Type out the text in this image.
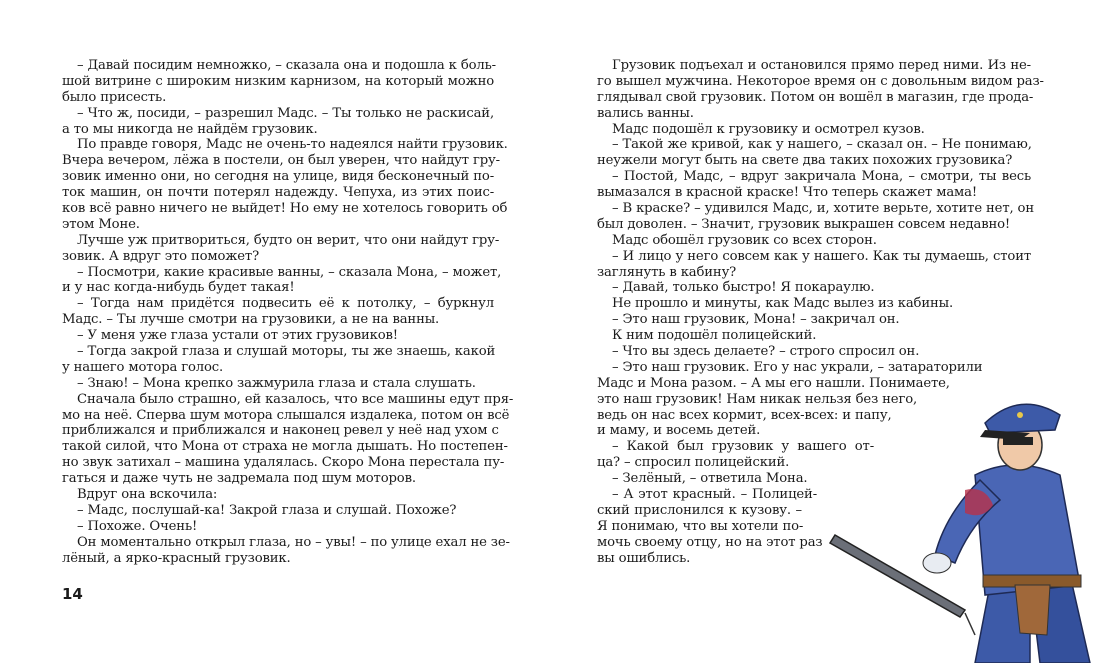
– Давай посидим немножко, – сказала она и подошла к боль-
шой витрине с широким низким карнизом, на который можно
было присесть.
– Что ж, посиди, – разрешил Мадс. – Ты только не раскисай,
а то мы никогда не найдём грузовик.
По правде говоря, Мадс не очень-то надеялся найти грузовик.
Вчера вечером, лёжа в постели, он был уверен, что найдут гру-
зовик именно они, но сегодня на улице, видя бесконечный по-
ток машин, он почти потерял надежду. Чепуха, из этих поис-
ков всё равно ничего не выйдет! Но ему не хотелось говорить об
этом Моне.
Лучше уж притвориться, будто он верит, что они найдут гру-
зовик. А вдруг это поможет?
– Посмотри, какие красивые ванны, – сказала Мона, – может,
и у нас когда-нибудь будет такая!
– Тогда нам придётся подвесить её к потолку, – буркнул
Мадс. – Ты лучше смотри на грузовики, а не на ванны.
– У меня уже глаза устали от этих грузовиков!
– Тогда закрой глаза и слушай моторы, ты же знаешь, какой
у нашего мотора голос.
– Знаю! – Мона крепко зажмурила глаза и стала слушать.
Сначала было страшно, ей казалось, что все машины едут пря-
мо на неё. Сперва шум мотора слышался издалека, потом он всё
приближался и приближался и наконец ревел у неё над ухом с
такой силой, что Мона от страха не могла дышать. Но постепен-
но звук затихал – машина удалялась. Скоро Мона перестала пу-
гаться и даже чуть не задремала под шум моторов.
Вдруг она вскочила:
– Мадс, послушай-ка! Закрой глаза и слушай. Похоже?
– Похоже. Очень!
Он моментально открыл глаза, но – увы! – по улице ехал не зе-
лёный, а ярко-красный грузовик.
Грузовик подъехал и остановился прямо перед ними. Из не-
го вышел мужчина. Некоторое время он с довольным видом раз-
глядывал свой грузовик. Потом он вошёл в магазин, где прода-
вались ванны.
Мадс подошёл к грузовику и осмотрел кузов.
– Такой же кривой, как у нашего, – сказал он. – Не понимаю,
неужели могут быть на свете два таких похожих грузовика?
– Постой, Мадс, – вдруг закричала Мона, – смотри, ты весь
вымазался в красной краске! Что теперь скажет мама!
– В краске? – удивился Мадс, и, хотите верьте, хотите нет, он
был доволен. – Значит, грузовик выкрашен совсем недавно!
Мадс обошёл грузовик со всех сторон.
– И лицо у него совсем как у нашего. Как ты думаешь, стоит
заглянуть в кабину?
– Давай, только быстро! Я покараулю.
Не прошло и минуты, как Мадс вылез из кабины.
– Это наш грузовик, Мона! – закричал он.
К ним подошёл полицейский.
– Что вы здесь делаете? – строго спросил он.
– Это наш грузовик. Его у нас украли, – затараторили
Мадс и Мона разом. – А мы его нашли. Понимаете,
это наш грузовик! Нам никак нельзя без него,
ведь он нас всех кормит, всех-всех: и папу,
и маму, и восемь детей.
– Какой был грузовик у вашего от-
ца? – спросил полицейский.
– Зелёный, – ответила Мона.
– А этот красный. – Полицей-
ский прислонился к кузову. –
Я понимаю, что вы хотели по-
мочь своему отцу, но на этот раз
вы ошиблись.
14
